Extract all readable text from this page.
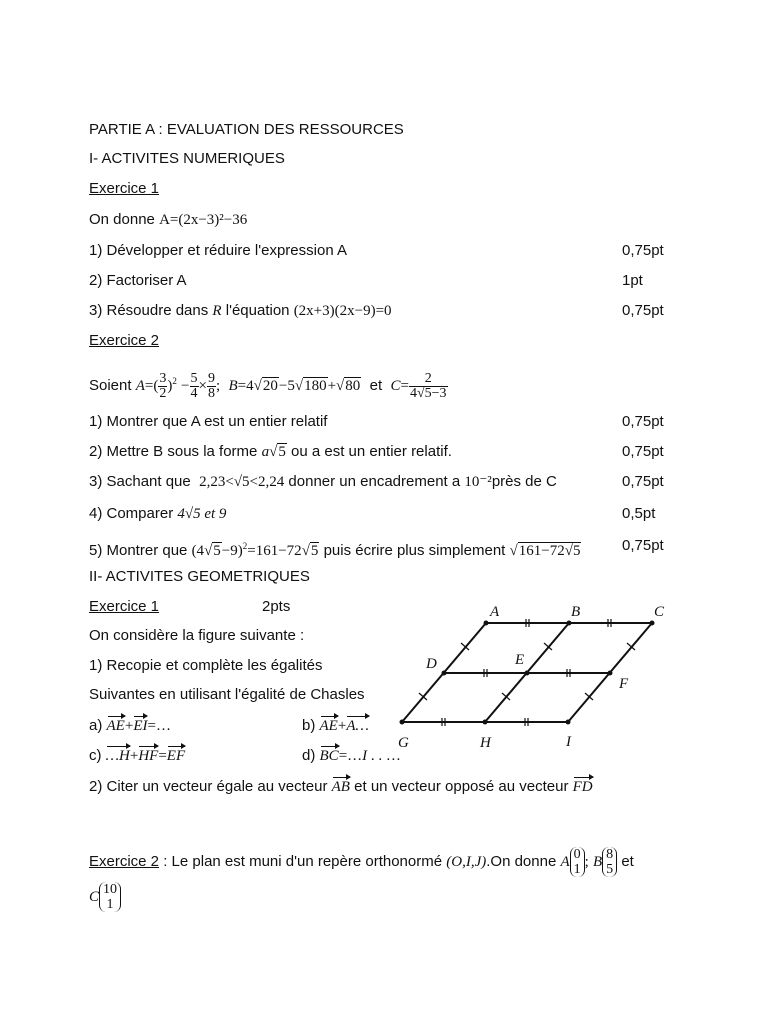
PARTIE A : EVALUATION DES RESSOURCES
I- ACTIVITES NUMERIQUES
Exercice 1
On donne A=(2x−3)²−36
1) Développer et réduire l'expression A	0,75pt
2) Factoriser A	1pt
3) Résoudre dans R l'équation (2x+3)(2x−9)=0	0,75pt
Exercice 2
Soient $A=( \frac{3}{2} )^2 - \frac{5}{4} \times \frac{9}{8}$ ; B=4√20−5√180+√80 et $C= \frac{2}{4√5-3}$
1) Montrer que A est un entier relatif	0,75pt
2) Mettre B sous la forme a√5 ou a est un entier relatif.	0,75pt
3) Sachant que 2,23<√5<2,24 donner un encadrement a 10⁻²près de C	0,75pt
4) Comparer 4√5 et 9	0,5pt
5) Montrer que $(4√5-9)^2=161-72√5$ puis écrire plus simplement √161−72√5	0,75pt
II- ACTIVITES GEOMETRIQUES
Exercice 1	2pts
On considère la figure suivante :
1) Recopie et complète les égalités
Suivantes en utilisant l'égalité de Chasles
a) AE+EI=…	b) AE+A…
c) …H+HF=EF	d) BC=…I . . …
2) Citer un vecteur égale au vecteur AB et un vecteur opposé au vecteur FD
A	B	C
D	E
F
G	H	I
Exercice 2 : Le plan est muni d'un repère orthonormé (O,I,J).On donne A 0
1 ; B 8
5 et
C 10
1
